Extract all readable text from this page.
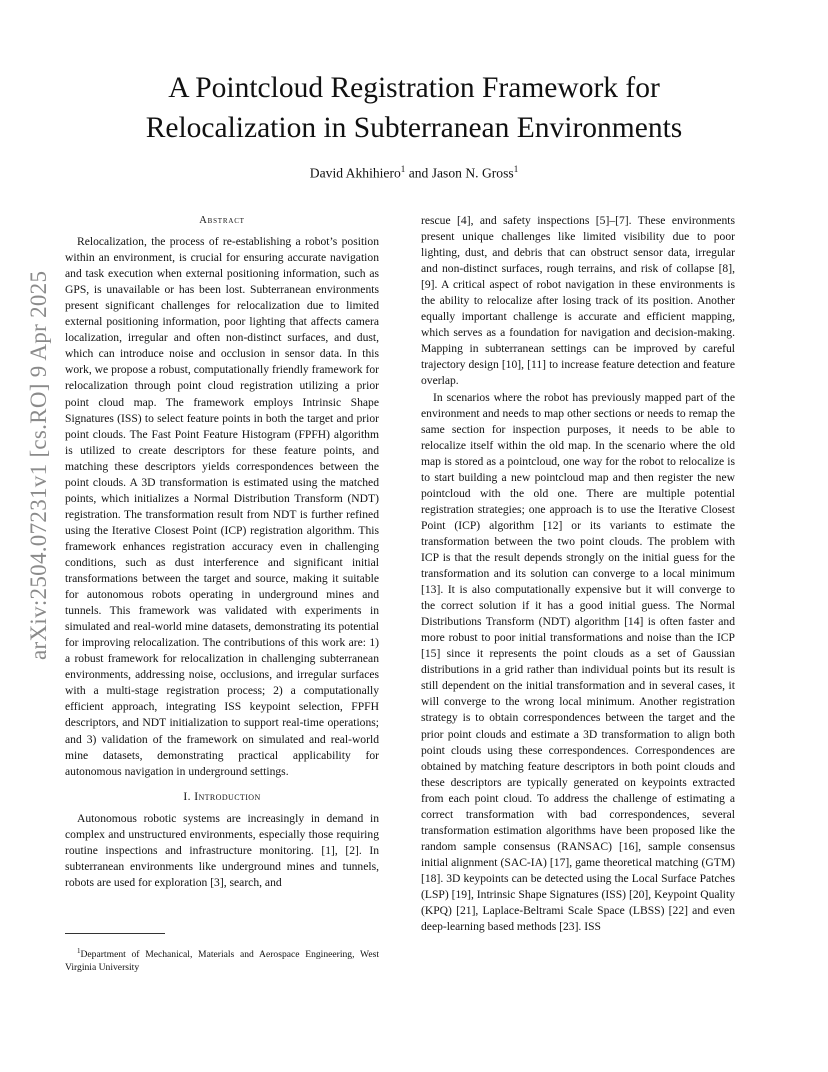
arXiv:2504.07231v1 [cs.RO] 9 Apr 2025
A Pointcloud Registration Framework for
Relocalization in Subterranean Environments
David Akhihiero$^1$ and Jason N. Gross$^1$
Abstract

Relocalization, the process of re-establishing a robot’s position within an environment, is crucial for ensuring accurate navigation and task execution when external positioning information, such as GPS, is unavailable or has been lost. Subterranean environments present significant challenges for relocalization due to limited external positioning information, poor lighting that affects camera localization, irregular and often non-distinct surfaces, and dust, which can introduce noise and occlusion in sensor data. In this work, we propose a robust, computationally friendly framework for relocalization through point cloud registration utilizing a prior point cloud map. The framework employs Intrinsic Shape Signatures (ISS) to select feature points in both the target and prior point clouds. The Fast Point Feature Histogram (FPFH) algorithm is utilized to create descriptors for these feature points, and matching these descriptors yields correspondences between the point clouds. A 3D transformation is estimated using the matched points, which initializes a Normal Distribution Transform (NDT) registration. The transformation result from NDT is further refined using the Iterative Closest Point (ICP) registration algorithm. This framework enhances registration accuracy even in challenging conditions, such as dust interference and significant initial transformations between the target and source, making it suitable for autonomous robots operating in underground mines and tunnels. This framework was validated with experiments in simulated and real-world mine datasets, demonstrating its potential for improving relocalization. The contributions of this work are: 1) a robust framework for relocalization in challenging subterranean environments, addressing noise, occlusions, and irregular surfaces with a multi-stage registration process; 2) a computationally efficient approach, integrating ISS keypoint selection, FPFH descriptors, and NDT initialization to support real-time operations; and 3) validation of the framework on simulated and real-world mine datasets, demonstrating practical applicability for autonomous navigation in underground settings.

I. Introduction

Autonomous robotic systems are increasingly in demand in complex and unstructured environments, especially those requiring routine inspections and infrastructure monitoring. [1], [2]. In subterranean environments like underground mines and tunnels, robots are used for exploration [3], search, and

$^1$Department of Mechanical, Materials and Aerospace Engineering, West Virginia University

rescue [4], and safety inspections [5]–[7]. These environments present unique challenges like limited visibility due to poor lighting, dust, and debris that can obstruct sensor data, irregular and non-distinct surfaces, rough terrains, and risk of collapse [8], [9]. A critical aspect of robot navigation in these environments is the ability to relocalize after losing track of its position. Another equally important challenge is accurate and efficient mapping, which serves as a foundation for navigation and decision-making. Mapping in subterranean settings can be improved by careful trajectory design [10], [11] to increase feature detection and feature overlap.

In scenarios where the robot has previously mapped part of the environment and needs to map other sections or needs to remap the same section for inspection purposes, it needs to be able to relocalize itself within the old map. In the scenario where the old map is stored as a pointcloud, one way for the robot to relocalize is to start building a new pointcloud map and then register the new pointcloud with the old one. There are multiple potential registration strategies; one approach is to use the Iterative Closest Point (ICP) algorithm [12] or its variants to estimate the transformation between the two point clouds. The problem with ICP is that the result depends strongly on the initial guess for the transformation and its solution can converge to a local minimum [13]. It is also computationally expensive but it will converge to the correct solution if it has a good initial guess. The Normal Distributions Transform (NDT) algorithm [14] is often faster and more robust to poor initial transformations and noise than the ICP [15] since it represents the point clouds as a set of Gaussian distributions in a grid rather than individual points but its result is still dependent on the initial transformation and in several cases, it will converge to the wrong local minimum. Another registration strategy is to obtain correspondences between the target and the prior point clouds and estimate a 3D transformation to align both point clouds using these correspondences. Correspondences are obtained by matching feature descriptors in both point clouds and these descriptors are typically generated on keypoints extracted from each point cloud. To address the challenge of estimating a correct transformation with bad correspondences, several transformation estimation algorithms have been proposed like the random sample consensus (RANSAC) [16], sample consensus initial alignment (SAC-IA) [17], game theoretical matching (GTM) [18]. 3D keypoints can be detected using the Local Surface Patches (LSP) [19], Intrinsic Shape Signatures (ISS) [20], Keypoint Quality (KPQ) [21], Laplace-Beltrami Scale Space (LBSS) [22] and even deep-learning based methods [23]. ISS
